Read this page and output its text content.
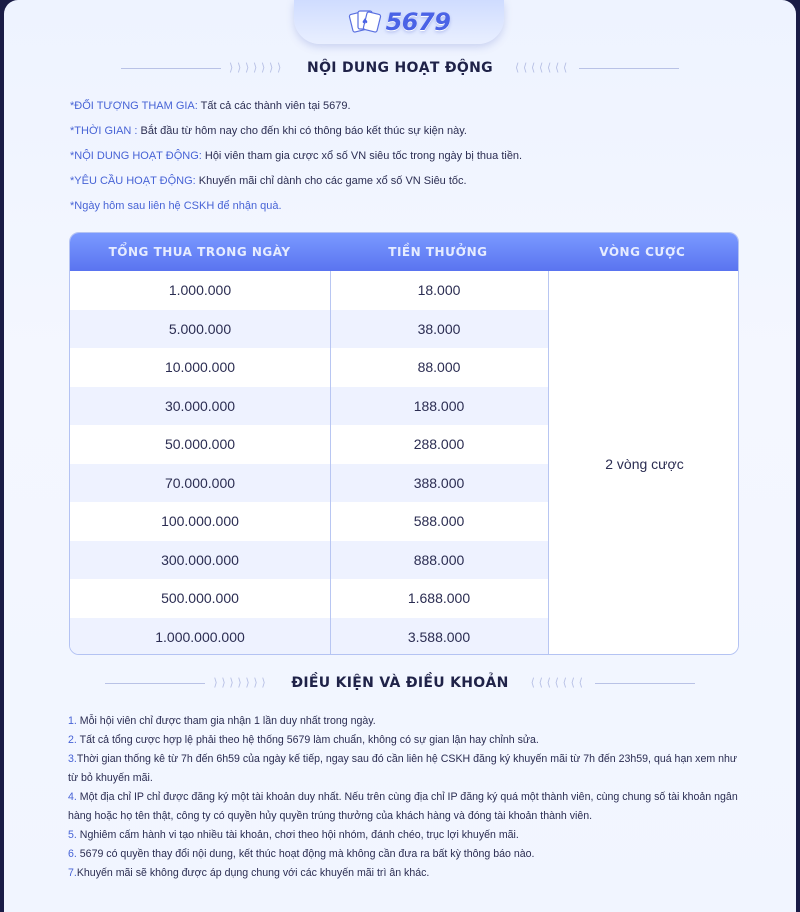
♠ 5679
⟩ ⟩ ⟩ ⟩ ⟩ ⟩ ⟩ NỘI DUNG HOẠT ĐỘNG ⟨ ⟨ ⟨ ⟨ ⟨ ⟨ ⟨
*ĐỐI TƯỢNG THAM GIA: Tất cả các thành viên tại 5679.
*THỜI GIAN : Bắt đầu từ hôm nay cho đến khi có thông báo kết thúc sự kiện này.
*NỘI DUNG HOẠT ĐỘNG: Hội viên tham gia cược xổ số VN siêu tốc trong ngày bị thua tiền.
*YÊU CẦU HOẠT ĐỘNG: Khuyến mãi chỉ dành cho các game xổ số VN Siêu tốc.
*Ngày hôm sau liên hệ CSKH để nhận quà.
TỔNG THUA TRONG NGÀY	TIỀN THƯỞNG	VÒNG CƯỢC
1.000.000.000	3.588.000
500.000.000	1.688.000
300.000.000	888.000
100.000.000	588.000
70.000.000	388.000
50.000.000	288.000
30.000.000	188.000
10.000.000	88.000
5.000.000	38.000
1.000.000	18.000
2 vòng cược
⟩ ⟩ ⟩ ⟩ ⟩ ⟩ ⟩ ĐIỀU KIỆN VÀ ĐIỀU KHOẢN ⟨ ⟨ ⟨ ⟨ ⟨ ⟨ ⟨
1. Mỗi hội viên chỉ được tham gia nhận 1 lần duy nhất trong ngày.
2. Tất cả tổng cược hợp lệ phải theo hệ thống 5679 làm chuẩn, không có sự gian lận hay chỉnh sửa.
3.Thời gian thống kê từ 7h đến 6h59 của ngày kế tiếp, ngay sau đó cần liên hệ CSKH đăng ký khuyến mãi từ 7h đến 23h59, quá hạn xem như từ bỏ khuyến mãi.
4. Một địa chỉ IP chỉ được đăng ký một tài khoản duy nhất. Nếu trên cùng địa chỉ IP đăng ký quá một thành viên, cùng chung số tài khoản ngân hàng hoặc họ tên thật, công ty có quyền hủy quyền trúng thưởng của khách hàng và đóng tài khoản thành viên.
5. Nghiêm cấm hành vi tạo nhiều tài khoản, chơi theo hội nhóm, đánh chéo, trục lợi khuyến mãi.
6. 5679 có quyền thay đổi nội dung, kết thúc hoạt động mà không cần đưa ra bất kỳ thông báo nào.
7.Khuyến mãi sẽ không được áp dụng chung với các khuyến mãi trì ân khác.
